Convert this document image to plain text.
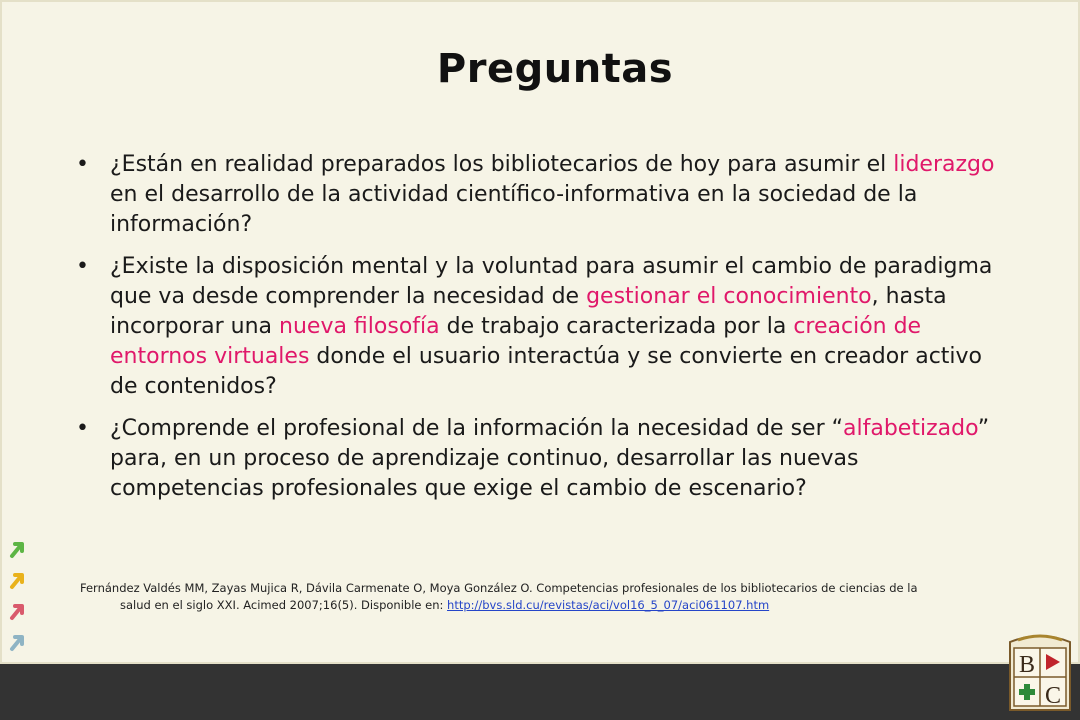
Preguntas
• ¿Están en realidad preparados los bibliotecarios de hoy para asumir el liderazgo en el desarrollo de la actividad científico-informativa en la sociedad de la información?
• ¿Existe la disposición mental y la voluntad para asumir el cambio de paradigma que va desde comprender la necesidad de gestionar el conocimiento, hasta incorporar una nueva filosofía de trabajo caracterizada por la creación de entornos virtuales donde el usuario interactúa y se convierte en creador activo de contenidos?
• ¿Comprende el profesional de la información la necesidad de ser “alfabetizado” para, en un proceso de aprendizaje continuo, desarrollar las nuevas competencias profesionales que exige el cambio de escenario?
Fernández Valdés MM, Zayas Mujica R, Dávila Carmenate O, Moya González O. Competencias profesionales de los bibliotecarios de ciencias de la
salud en el siglo XXI. Acimed 2007;16(5). Disponible en: http://bvs.sld.cu/revistas/aci/vol16_5_07/aci061107.htm
B
C
